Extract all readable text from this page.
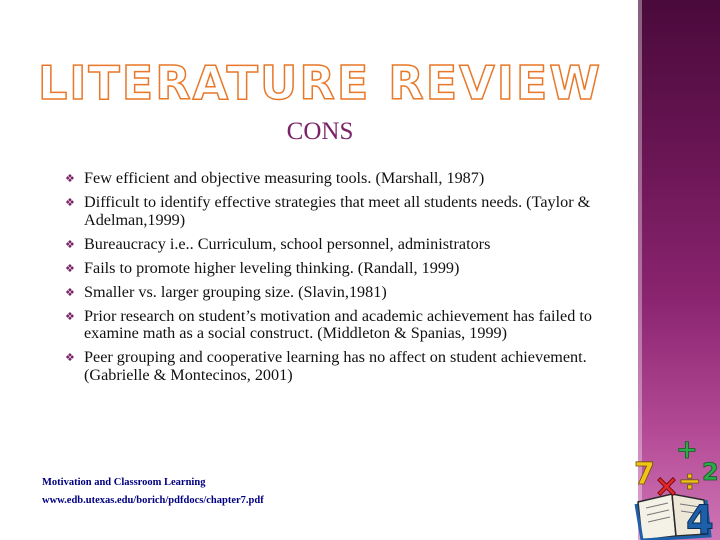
LITERATURE REVIEW
CONS
❖ Few efficient and objective measuring tools. (Marshall, 1987)
❖ Difficult to identify effective strategies that meet all students needs. (Taylor & Adelman,1999)
❖ Bureaucracy i.e.. Curriculum, school personnel, administrators
❖ Fails to promote higher leveling thinking. (Randall, 1999)
❖ Smaller vs. larger grouping size. (Slavin,1981)
❖ Prior research on student’s motivation and academic achievement has failed to examine math as a social construct. (Middleton & Spanias, 1999)
❖ Peer grouping and cooperative learning has no affect on student achievement. (Gabrielle & Montecinos, 2001)
Motivation and Classroom Learning
www.edb.utexas.edu/borich/pdfdocs/chapter7.pdf
+
7 ×
÷ 2
4
